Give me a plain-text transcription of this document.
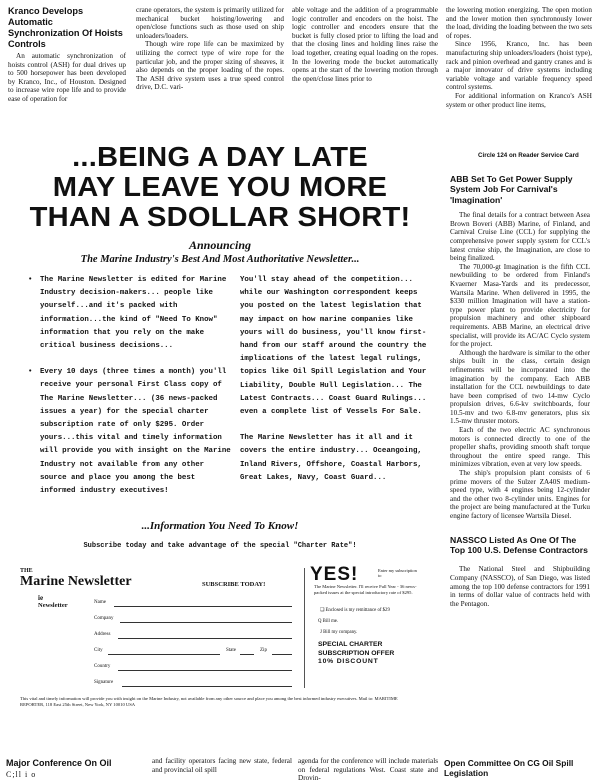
Kranco Develops Automatic Synchronization Of Hoists Controls
An automatic synchronization of hoists control (ASH) for dual drives up to 500 horsepower has been developed by Kranco, Inc., of Houston. Designed to increase wire rope life and to provide ease of operation for

crane operators, the system is primarily utilized for mechanical bucket hoisting/lowering and open/close functions such as those used on ship unloaders/loaders.

Though wire rope life can be maximized by utilizing the correct type of wire rope for the particular job, and the proper sizing of sheaves, it also depends on the proper loading of the ropes. The ASH drive system uses a true speed control drive, D.C. vari-

able voltage and the addition of a programmable logic controller and encoders on the hoist. The logic controller and encoders ensure that the bucket is fully closed prior to lifting the load and that the closing lines and holding lines raise the load together, creating equal loading on the ropes. In the lowering mode the bucket automatically opens at the start of the lowering motion through the open/close lines prior to

the lowering motion energizing. The open motion and the lower motion then synchronously lower the load, dividing the loading between the two sets of ropes.

Since 1956, Kranco, Inc. has been manufacturing ship unloaders/loaders (hoist type), rack and pinion overhead and gantry cranes and is a major innovator of drive systems including variable voltage and variable frequency speed control systems.

For additional information on Kranco's ASH system or other product line items,

Circle 124 on Reader Service Card
...BEING A DAY LATE
MAY LEAVE YOU MORE
THAN A SDOLLAR SHORT!
Announcing
The Marine Industry's Best And Most Authoritative Newsletter...

• The Marine Newsletter is edited for Marine Industry decision-makers... people like yourself...and it's packed with information...the kind of "Need To Know" information that you rely on the make critical business decisions...

• Every 10 days (three times a month) you'll receive your personal First Class copy of The Marine Newsletter... (36 news-packed issues a year) for the special charter subscription rate of only $295. Order yours...this vital and timely information will provide you with insight on the Marine Industry not available from any other source and place you among the best informed industry executives!

You'll stay ahead of the competition... while our Washington correspondent keeps you posted on the latest legislation that may impact on how marine companies like yours will do business, you'll know first-hand from our staff around the country the implications of the latest legal rulings, topics like Oil Spill Legislation and Your Liability, Double Hull Legislation... The Latest Contracts... Coast Guard Rulings... even a complete list of Vessels For Sale.

The Marine Newsletter has it all and it covers the entire industry... Oceangoing, Inland Rivers, Offshore, Coastal Harbors, Great Lakes, Navy, Coast Guard...

...Information You Need To Know!
Subscribe today and take advantage of the special "Charter Rate"!
THE
Marine Newsletter	SUBSCRIBE TODAY!
ie
Newsletter	Name
Company
Address
City	State	Zip
Country
Signature
YES!	Enter my subscription to
The Marine Newsletter. I'll receive Full Year - 36 news-packed issues at the special introductory rate of $295.
❏ Enclosed is my remittance of $29
Q Bill me.
J Bill my company.
SPECIAL CHARTER SUBSCRIPTION OFFER
10% DISCOUNT
This vital and timely information will provide you with insight on the Marine Industry, not available from any other source and place you among the best informed industry executives. Mail to: MARITIME REPORTER, 118 East 25th Street, New York, NY 10010 USA
ABB Set To Get Power Supply System Job For Carnival's 'Imagination'

The final details for a contract between Asea Brown Boveri (ABB) Marine, of Finland, and Carnival Cruise Line (CCL) for supplying the comprehensive power supply system for CCL's latest cruise ship, the Imagination, are close to being finalized.

The 70,000-gt Imagination is the fifth CCL newbuilding to be ordered from Finland's Kvaerner Masa-Yards and its predecessor, Wartsila Marine. When delivered in 1995, the $330 million Imagination will have a station-type power plant to provide electricity for propulsion machinery and other shipboard requirements. ABB Marine, an electrical drive specialist, will provide its AC/AC Cyclo system for the project.

Although the hardware is similar to the other ships built in the class, certain design refinements will be incorporated into the imagination by the company. Each ABB installation for the CCL newbuildings to date have been comprised of two 14-mw Cyclo propulsion drives, 6.6-kv switchboards, four 10.5-mv and two 6.8-mv generators, plus six 1.5-mw thruster motors.

Each of the two electric AC synchronous motors is connected directly to one of the propeller shafts, providing smooth shaft torque throughout the entire speed range. This minimizes vibration, even at very low speeds.

The ship's propulsion plant consists of 6 prime movers of the Sulzer ZA40S medium-speed type, with 4 engines being 12-cylinder and the other two 8-cylinder units. Engines for the project are being manufactured at the Turku engine factory of licensee Wartsila Diesel.

NASSCO Listed As One Of The Top 100 U.S. Defense Contractors

The National Steel and Shipbuilding Company (NASSCO), of San Diego, was listed among the top 100 defense contractors for 1991 in terms of dollar value of contracts held with the Pentagon.

Major Conference On Oil
C;ll i o
and facility operators facing new state, federal and provincial oil spill
agenda for the conference will include materials on federal regulations West. Coast state and Drovin-
Open Committee On CG Oil Spill Legislation
